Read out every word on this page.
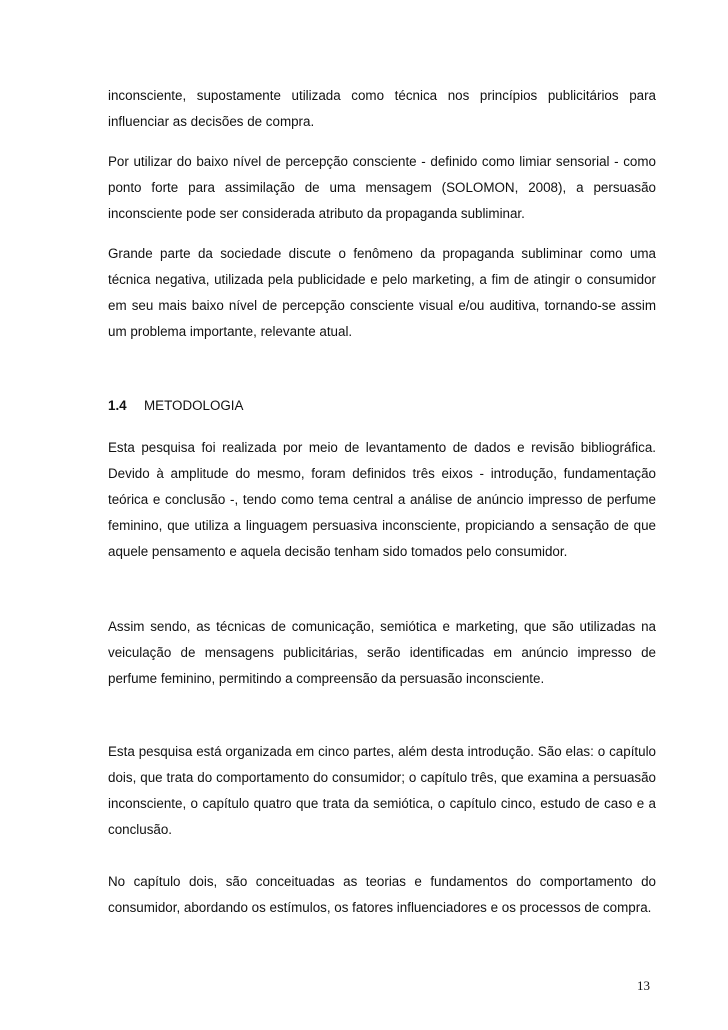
inconsciente, supostamente utilizada como técnica nos princípios publicitários para influenciar as decisões de compra.

Por utilizar do baixo nível de percepção consciente - definido como limiar sensorial - como ponto forte para assimilação de uma mensagem (SOLOMON, 2008), a persuasão inconsciente pode ser considerada atributo da propaganda subliminar.

Grande parte da sociedade discute o fenômeno da propaganda subliminar como uma técnica negativa, utilizada pela publicidade e pelo marketing, a fim de atingir o consumidor em seu mais baixo nível de percepção consciente visual e/ou auditiva, tornando-se assim um problema importante, relevante atual.

1.4	METODOLOGIA

Esta pesquisa foi realizada por meio de levantamento de dados e revisão bibliográfica. Devido à amplitude do mesmo, foram definidos três eixos - introdução, fundamentação teórica e conclusão -, tendo como tema central a análise de anúncio impresso de perfume feminino, que utiliza a linguagem persuasiva inconsciente, propiciando a sensação de que aquele pensamento e aquela decisão tenham sido tomados pelo consumidor.

Assim sendo, as técnicas de comunicação, semiótica e marketing, que são utilizadas na veiculação de mensagens publicitárias, serão identificadas em anúncio impresso de perfume feminino, permitindo a compreensão da persuasão inconsciente.

Esta pesquisa está organizada em cinco partes, além desta introdução. São elas: o capítulo dois, que trata do comportamento do consumidor; o capítulo três, que examina a persuasão inconsciente, o capítulo quatro que trata da semiótica, o capítulo cinco, estudo de caso e a conclusão.

No capítulo dois, são conceituadas as teorias e fundamentos do comportamento do consumidor, abordando os estímulos, os fatores influenciadores e os processos de compra.

13
